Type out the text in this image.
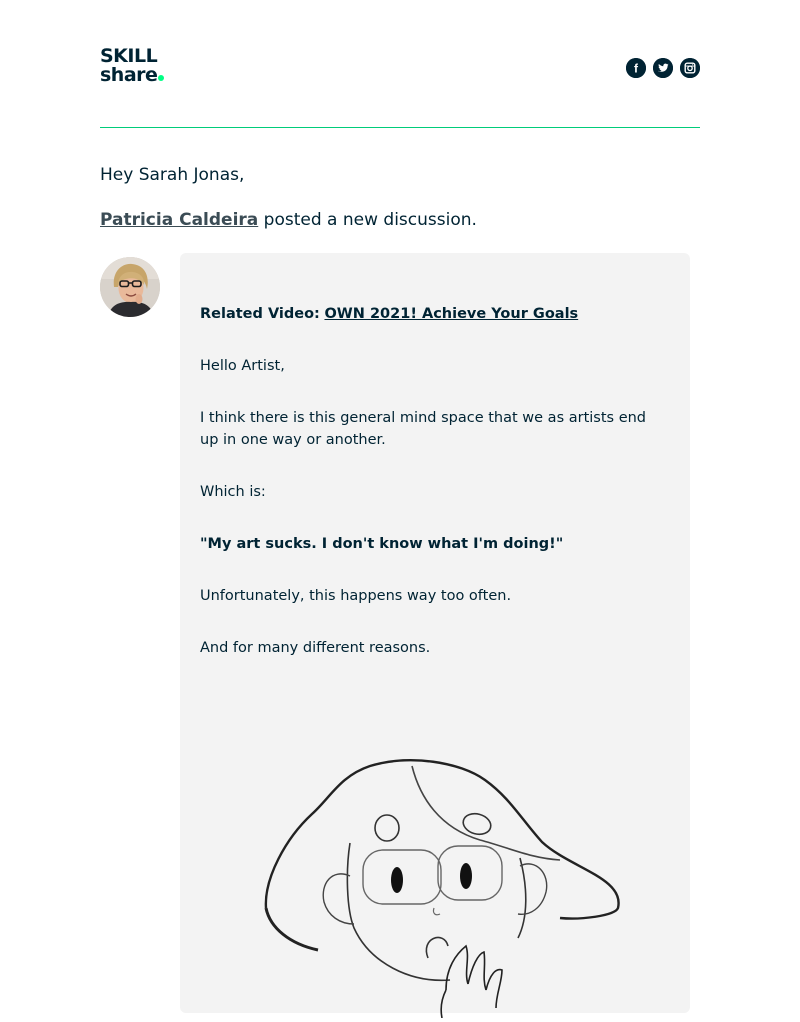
SKILL
share	f
Hey Sarah Jonas,
Patricia Caldeira posted a new discussion.
Related Video: OWN 2021! Achieve Your Goals
Hello Artist,
I think there is this general mind space that we as artists end up in one way or another.
Which is:
"My art sucks. I don't know what I'm doing!"
Unfortunately, this happens way too often.
And for many different reasons.
